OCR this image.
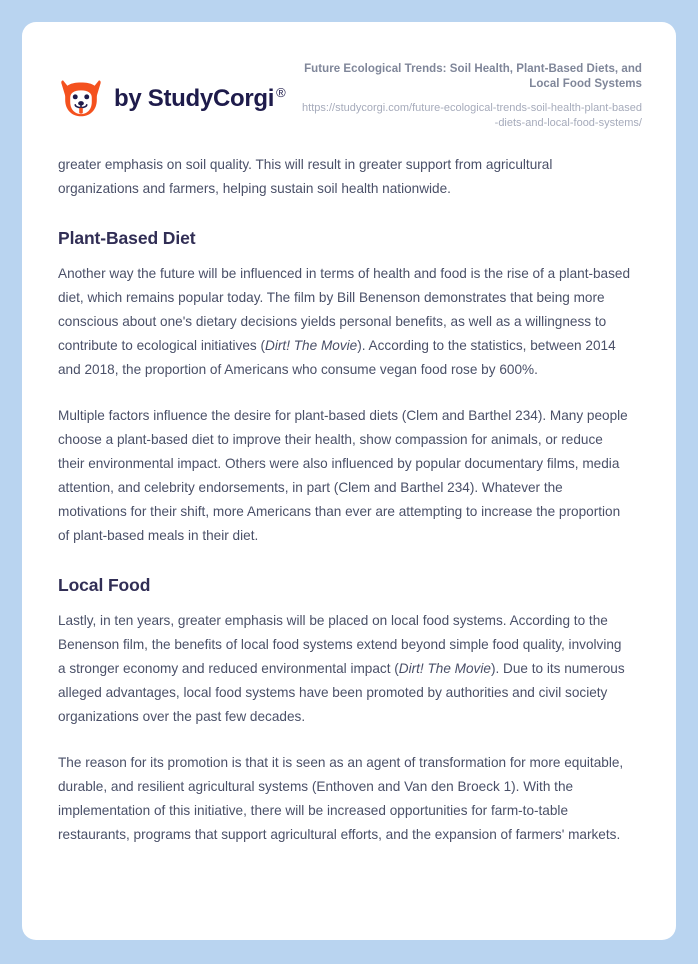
by StudyCorgi ®
Future Ecological Trends: Soil Health, Plant-Based Diets, and Local Food Systems
https://studycorgi.com/future-ecological-trends-soil-health-plant-based-diets-and-local-food-systems/

greater emphasis on soil quality. This will result in greater support from agricultural organizations and farmers, helping sustain soil health nationwide.

Plant-Based Diet

Another way the future will be influenced in terms of health and food is the rise of a plant-based diet, which remains popular today. The film by Bill Benenson demonstrates that being more conscious about one's dietary decisions yields personal benefits, as well as a willingness to contribute to ecological initiatives (Dirt! The Movie). According to the statistics, between 2014 and 2018, the proportion of Americans who consume vegan food rose by 600%.

Multiple factors influence the desire for plant-based diets (Clem and Barthel 234). Many people choose a plant-based diet to improve their health, show compassion for animals, or reduce their environmental impact. Others were also influenced by popular documentary films, media attention, and celebrity endorsements, in part (Clem and Barthel 234). Whatever the motivations for their shift, more Americans than ever are attempting to increase the proportion of plant-based meals in their diet.

Local Food

Lastly, in ten years, greater emphasis will be placed on local food systems. According to the Benenson film, the benefits of local food systems extend beyond simple food quality, involving a stronger economy and reduced environmental impact (Dirt! The Movie). Due to its numerous alleged advantages, local food systems have been promoted by authorities and civil society organizations over the past few decades.

The reason for its promotion is that it is seen as an agent of transformation for more equitable, durable, and resilient agricultural systems (Enthoven and Van den Broeck 1). With the implementation of this initiative, there will be increased opportunities for farm-to-table restaurants, programs that support agricultural efforts, and the expansion of farmers' markets.
